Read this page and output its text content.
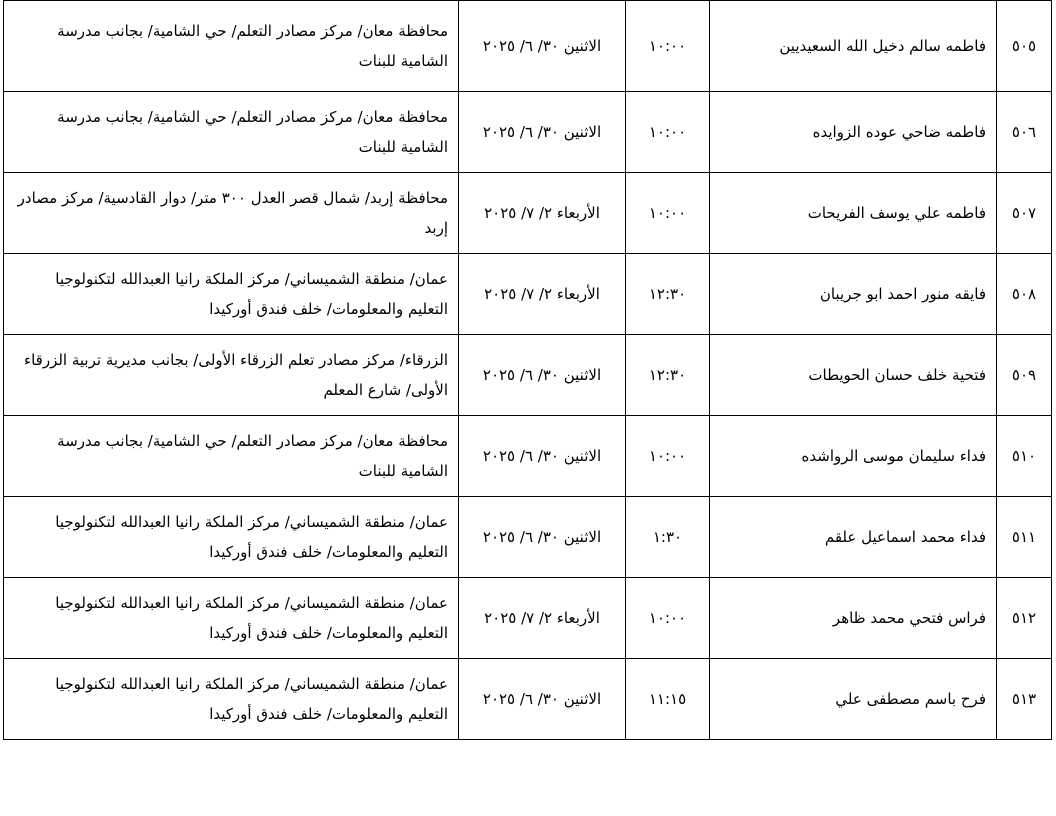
٥٠٥	فاطمه سالم دخيل الله السعيديين	١٠:٠٠	الاثنين ٣٠/ ٦/ ٢٠٢٥	محافظة معان/ مركز مصادر التعلم/ حي الشامية/ بجانب مدرسة الشامية للبنات
٥٠٦	فاطمه ضاحي عوده الزوايده	١٠:٠٠	الاثنين ٣٠/ ٦/ ٢٠٢٥	محافظة معان/ مركز مصادر التعلم/ حي الشامية/ بجانب مدرسة الشامية للبنات
٥٠٧	فاطمه علي يوسف الفريحات	١٠:٠٠	الأربعاء ٢/ ٧/ ٢٠٢٥	محافظة إربد/ شمال قصر العدل ٣٠٠ متر/ دوار القادسية/ مركز مصادر إربد
٥٠٨	فايقه منور احمد ابو جريبان	١٢:٣٠	الأربعاء ٢/ ٧/ ٢٠٢٥	عمان/ منطقة الشميساني/ مركز الملكة رانيا العبدالله لتكنولوجيا التعليم والمعلومات/ خلف فندق أوركيدا
٥٠٩	فتحية خلف حسان الحويطات	١٢:٣٠	الاثنين ٣٠/ ٦/ ٢٠٢٥	الزرقاء/ مركز مصادر تعلم الزرقاء الأولى/ بجانب مديرية تربية الزرقاء الأولى/ شارع المعلم
٥١٠	فداء سليمان موسى الرواشده	١٠:٠٠	الاثنين ٣٠/ ٦/ ٢٠٢٥	محافظة معان/ مركز مصادر التعلم/ حي الشامية/ بجانب مدرسة الشامية للبنات
٥١١	فداء محمد اسماعيل علقم	١:٣٠	الاثنين ٣٠/ ٦/ ٢٠٢٥	عمان/ منطقة الشميساني/ مركز الملكة رانيا العبدالله لتكنولوجيا التعليم والمعلومات/ خلف فندق أوركيدا
٥١٢	فراس فتحي محمد ظاهر	١٠:٠٠	الأربعاء ٢/ ٧/ ٢٠٢٥	عمان/ منطقة الشميساني/ مركز الملكة رانيا العبدالله لتكنولوجيا التعليم والمعلومات/ خلف فندق أوركيدا
٥١٣	فرح باسم مصطفى علي	١١:١٥	الاثنين ٣٠/ ٦/ ٢٠٢٥	عمان/ منطقة الشميساني/ مركز الملكة رانيا العبدالله لتكنولوجيا التعليم والمعلومات/ خلف فندق أوركيدا
